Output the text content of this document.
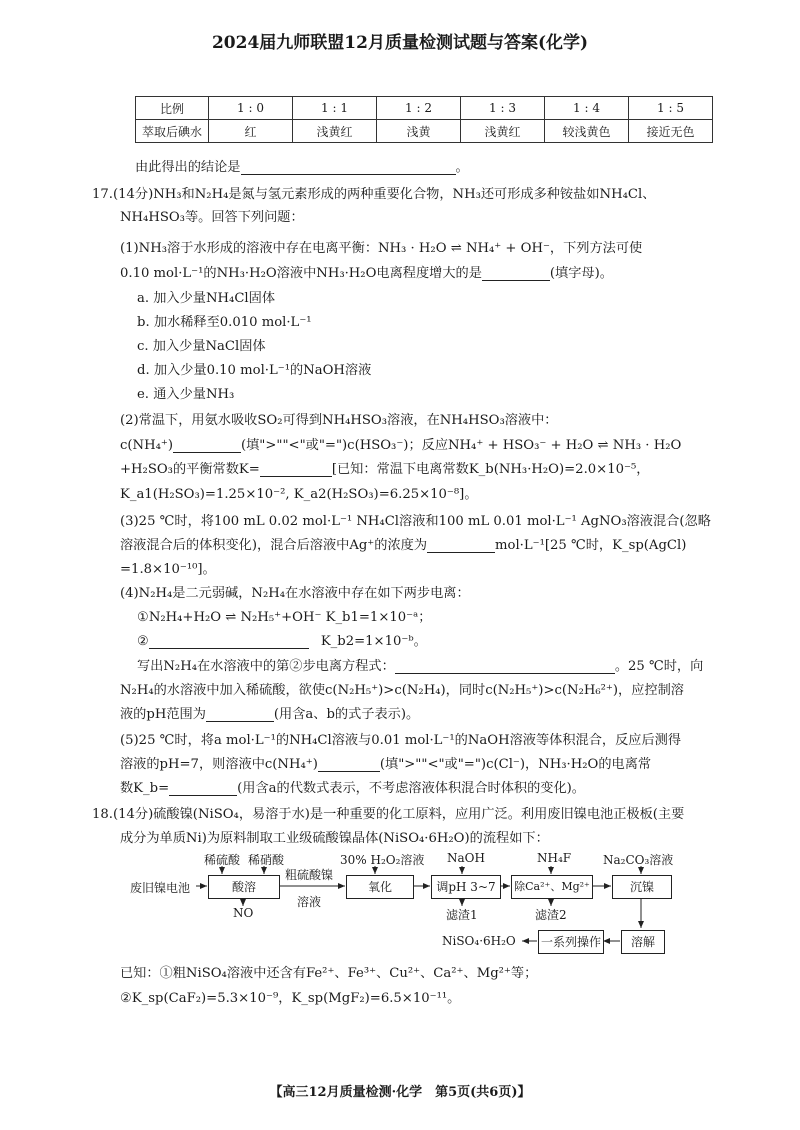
2024届九师联盟12月质量检测试题与答案(化学)
比例	1 : 0	1 : 1	1 : 2	1 : 3	1 : 4	1 : 5
萃取后碘水	红	浅黄红	浅黄	浅黄红	较浅黄色	接近无色
由此得出的结论是	。
17.(14分)NH₃和N₂H₄是氮与氢元素形成的两种重要化合物，NH₃还可形成多种铵盐如NH₄Cl、
NH₄HSO₃等。回答下列问题：
(1)NH₃溶于水形成的溶液中存在电离平衡：NH₃ · H₂O ⇌ NH₄⁺ + OH⁻，下列方法可使
0.10 mol·L⁻¹的NH₃·H₂O溶液中NH₃·H₂O电离程度增大的是	(填字母)。
a. 加入少量NH₄Cl固体
b. 加水稀释至0.010 mol·L⁻¹
c. 加入少量NaCl固体
d. 加入少量0.10 mol·L⁻¹的NaOH溶液
e. 通入少量NH₃
(2)常温下，用氨水吸收SO₂可得到NH₄HSO₃溶液，在NH₄HSO₃溶液中：
c(NH₄⁺)	(填">""<"或"=")c(HSO₃⁻)；反应NH₄⁺ + HSO₃⁻ + H₂O ⇌ NH₃ · H₂O
+H₂SO₃的平衡常数K=	[已知：常温下电离常数K_b(NH₃·H₂O)=2.0×10⁻⁵，
K_a1(H₂SO₃)=1.25×10⁻², K_a2(H₂SO₃)=6.25×10⁻⁸]。
(3)25 ℃时，将100 mL 0.02 mol·L⁻¹ NH₄Cl溶液和100 mL 0.01 mol·L⁻¹ AgNO₃溶液混合(忽略
溶液混合后的体积变化)，混合后溶液中Ag⁺的浓度为	mol·L⁻¹[25 ℃时，K_sp(AgCl)
=1.8×10⁻¹⁰]。
(4)N₂H₄是二元弱碱，N₂H₄在水溶液中存在如下两步电离：
①N₂H₄+H₂O ⇌ N₂H₅⁺+OH⁻ K_b1=1×10⁻ᵃ；
②	K_b2=1×10⁻ᵇ。
写出N₂H₄在水溶液中的第②步电离方程式：	。25 ℃时，向
N₂H₄的水溶液中加入稀硫酸，欲使c(N₂H₅⁺)>c(N₂H₄)，同时c(N₂H₅⁺)>c(N₂H₆²⁺)，应控制溶
液的pH范围为	(用含a、b的式子表示)。
(5)25 ℃时，将a mol·L⁻¹的NH₄Cl溶液与0.01 mol·L⁻¹的NaOH溶液等体积混合，反应后测得
溶液的pH=7，则溶液中c(NH₄⁺)	(填">""<"或"=")c(Cl⁻)，NH₃·H₂O的电离常
数K_b=	(用含a的代数式表示，不考虑溶液体积混合时体积的变化)。
18.(14分)硫酸镍(NiSO₄，易溶于水)是一种重要的化工原料，应用广泛。利用废旧镍电池正极板(主要
成分为单质Ni)为原料制取工业级硫酸镍晶体(NiSO₄·6H₂O)的流程如下：
废旧镍电池
稀硫酸 稀硝酸
酸溶
NO
粗硫酸镍
溶液
30% H₂O₂溶液
氧化
NaOH
调pH 3~7
滤渣1
NH₄F
除Ca²⁺、Mg²⁺
滤渣2
Na₂CO₃溶液
沉镍
溶解
一系列操作
NiSO₄·6H₂O
已知：①粗NiSO₄溶液中还含有Fe²⁺、Fe³⁺、Cu²⁺、Ca²⁺、Mg²⁺等；
②K_sp(CaF₂)=5.3×10⁻⁹，K_sp(MgF₂)=6.5×10⁻¹¹。
【高三12月质量检测·化学　第5页(共6页)】
